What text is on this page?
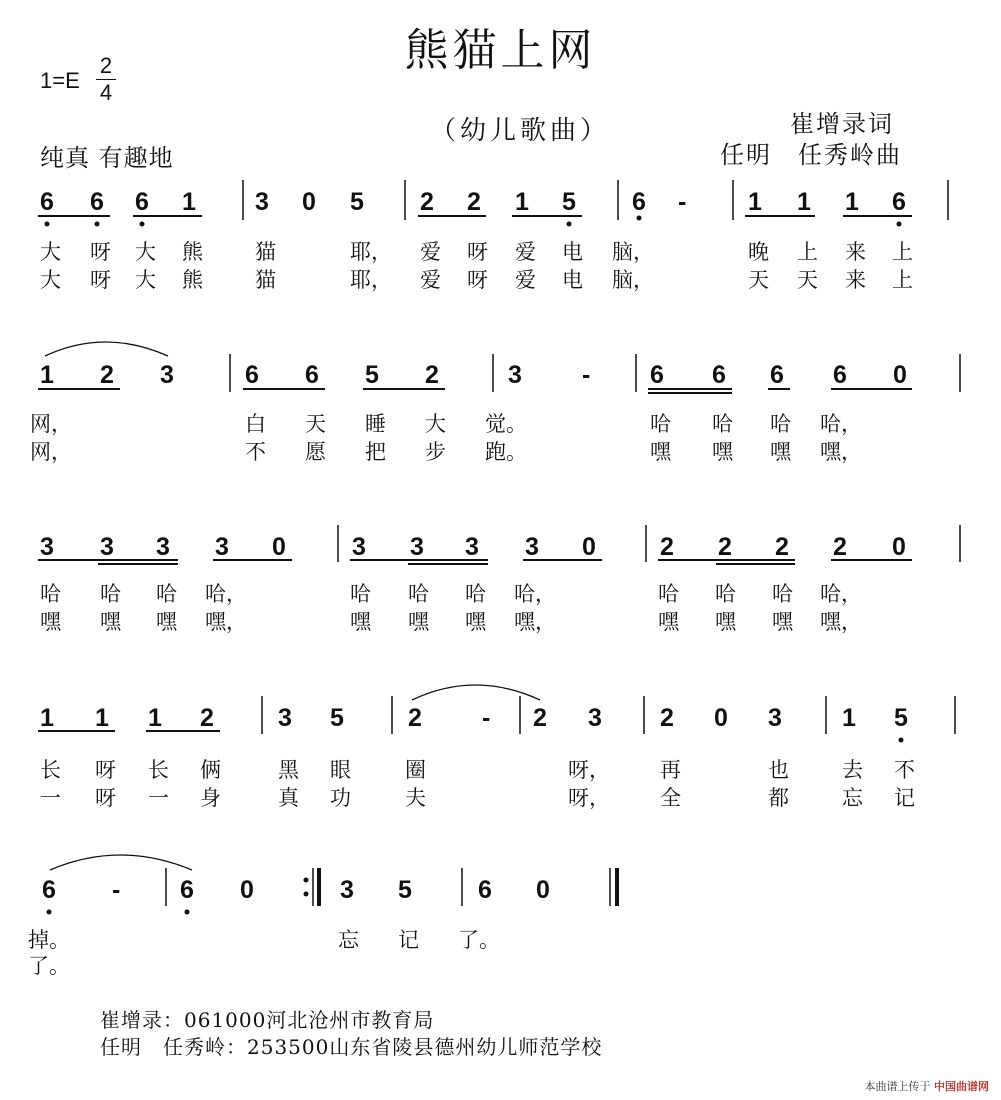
熊猫上网
1=E
2
4
（幼儿歌曲）	崔增录词
任明　任秀岭曲
纯真 有趣地
6 6 6 1 3 0 5 2 2 1 5 6 - 1 1 1 6
大 呀 大 熊 猫	耶， 爱 呀 爱 电 脑，	晚 上 来 上
大 呀 大 熊 猫	耶， 爱 呀 爱 电 脑，	天 天 来 上
1 2 3	6 6 5 2	3 - 6 6 6 6 0
网，	白 天 睡 大 觉。	哈 哈 哈 哈，
网，	不 愿 把 步 跑。	嘿 嘿 嘿 嘿，
3 3 3 3 0	3 3 3 3 0	2 2 2 2 0
哈 哈 哈 哈，	哈 哈 哈 哈，	哈 哈 哈 哈，
嘿 嘿 嘿 嘿，	嘿 嘿 嘿 嘿，	嘿 嘿 嘿 嘿，
1 1 1 2	3 5	2 - 2 3 2 0 3 1 5
长 呀 长 俩	黑 眼	圈	呀， 再	也	去 不
一 呀 一 身	真 功	夫	呀， 全	都	忘 记
6 - 6 0	3 5	6 0
掉。	忘 记 了。
了。
崔增录：061000河北沧州市教育局
任明　任秀岭：253500山东省陵县德州幼儿师范学校
本曲谱上传于 中国曲谱网
